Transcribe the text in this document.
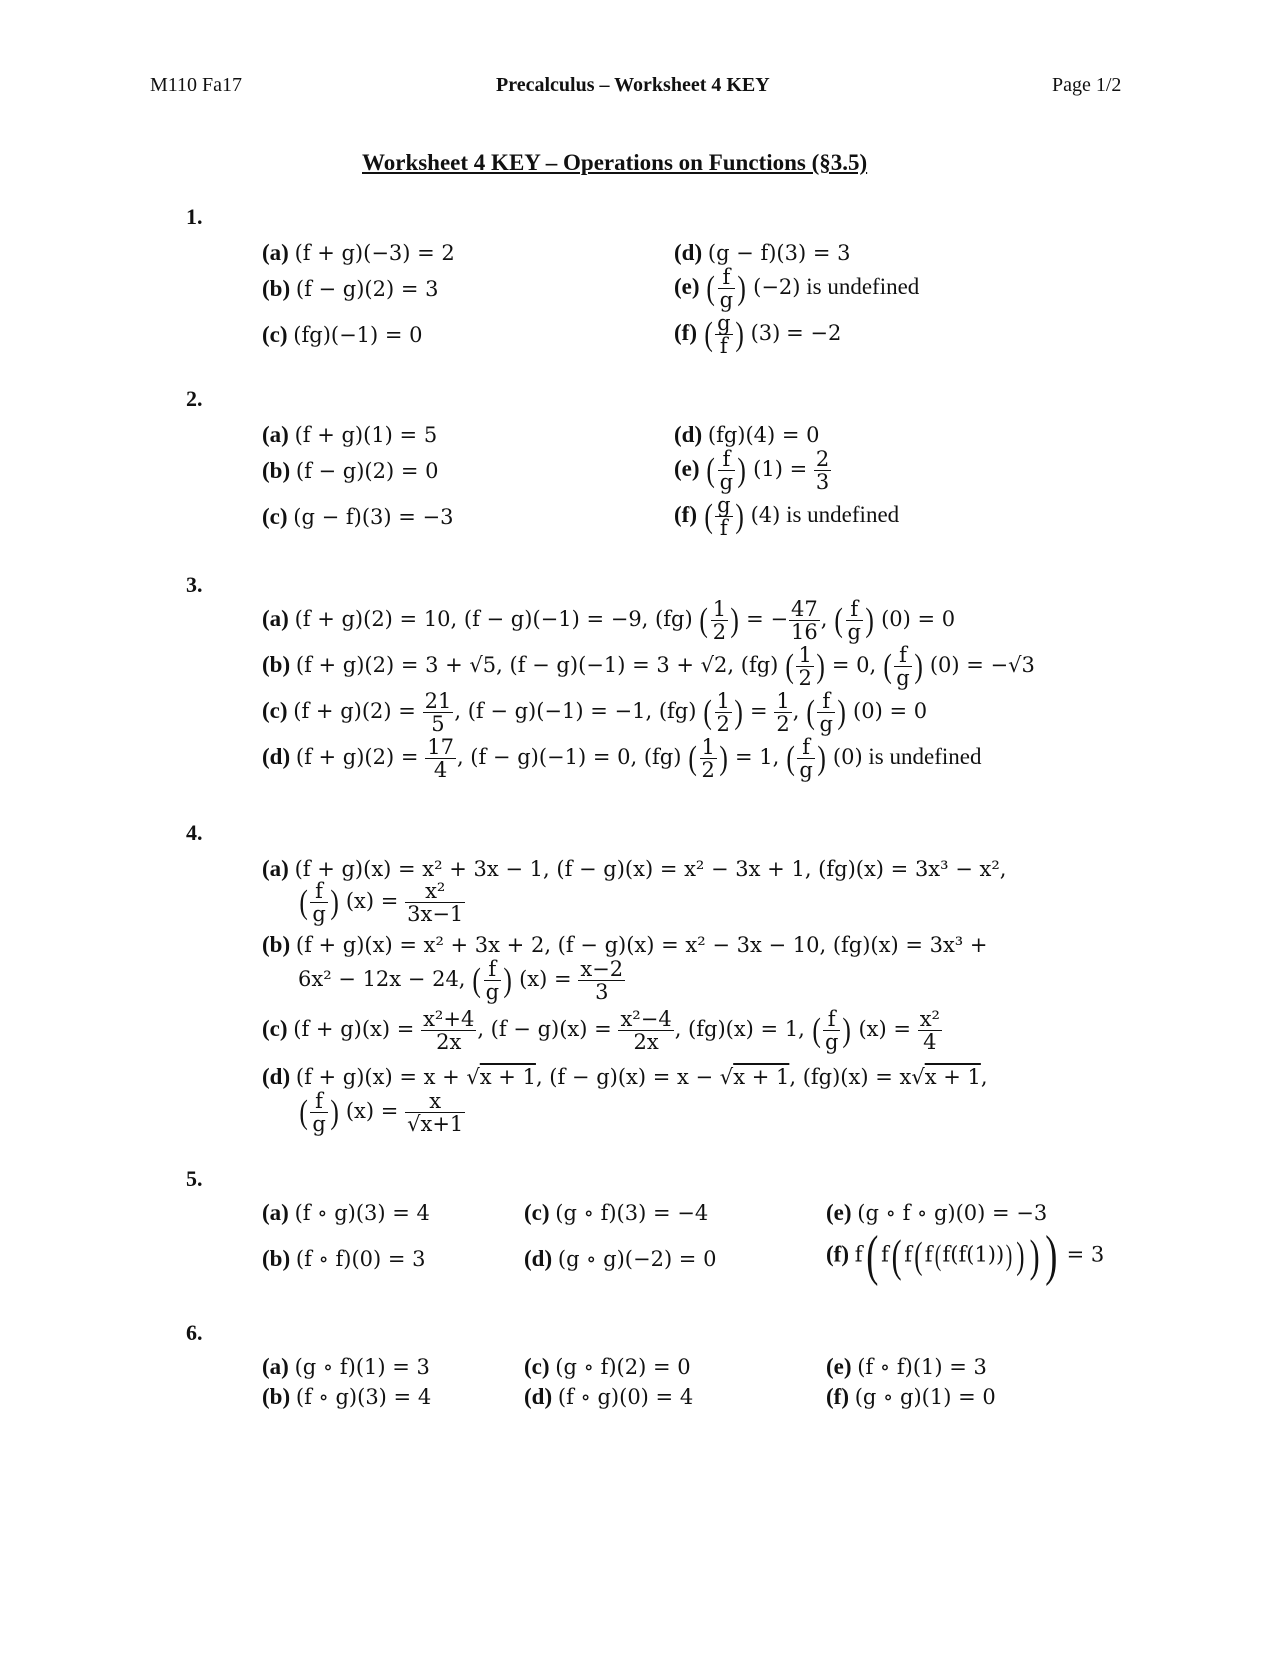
M110 Fa17	Precalculus – Worksheet 4 KEY	Page 1/2
Worksheet 4 KEY – Operations on Functions (§3.5)
1.
(a) (f + g)(−3) = 2
(b) (f − g)(2) = 3
(c) (fg)(−1) = 0
(d) (g − f)(3) = 3
(e) ( $\frac{f}{g}$ ) (−2) is undefined
(f) ( $\frac{g}{f}$ ) (3) = −2
2.
(a) (f + g)(1) = 5
(b) (f − g)(2) = 0
(c) (g − f)(3) = −3
(d) (fg)(4) = 0
(e) ( $\frac{f}{g}$ ) $(1) = \frac{2}{3}$
(f) ( $\frac{g}{f}$ ) (4) is undefined
3.
(a) (f + g)(2) = 10, (f − g)(−1) = −9, (fg) ( $\frac{1}{2}$ ) = − $\frac{47}{16}$ , ( $\frac{f}{g}$ ) (0) = 0
(b) (f + g)(2) = 3 + √5, (f − g)(−1) = 3 + √2, (fg) ( $\frac{1}{2}$ ) = 0, ( $\frac{f}{g}$ ) (0) = −√3
(c) $(f + g)(2) = \frac{21}{5}$ , (f − g)(−1) = −1, (fg) ( $\frac{1}{2}$ ) = $\frac{1}{2}$ , ( $\frac{f}{g}$ ) (0) = 0
(d) $(f + g)(2) = \frac{17}{4}$ , (f − g)(−1) = 0, (fg) ( $\frac{1}{2}$ ) = 1, ( $\frac{f}{g}$ ) (0) is undefined
4.
(a) (f + g)(x) = x² + 3x − 1, (f − g)(x) = x² − 3x + 1, (fg)(x) = 3x³ − x²,
( $\frac{f}{g}$ ) $(x) = \frac{\text{x²}}{3x-1}$
(b) (f + g)(x) = x² + 3x + 2, (f − g)(x) = x² − 3x − 10, (fg)(x) = 3x³ +
6x² − 12x − 24, ( $\frac{f}{g}$ ) $(x) = \frac{x-2}{3}$
(c) $(f + g)(x) = \frac{\text{x²+4}}{2x}$ , $(f - g)(x) = \frac{\text{x²−4}}{2x}$ , (fg)(x) = 1, ( $\frac{f}{g}$ ) $(x) = \frac{\text{x²}}{4}$
(d) (f + g)(x) = x + √x + 1, (f − g)(x) = x − √x + 1, (fg)(x) = x√x + 1,
( $\frac{f}{g}$ ) $(x) = \frac{x}{√x+1}$
5.
(a) (f ∘ g)(3) = 4
(b) (f ∘ f)(0) = 3
(c) (g ∘ f)(3) = −4
(d) (g ∘ g)(−2) = 0
(e) (g ∘ f ∘ g)(0) = −3
(f) f( f( f( f(f(f(1))) ) ) ) = 3
6.
(a) (g ∘ f)(1) = 3
(b) (f ∘ g)(3) = 4
(c) (g ∘ f)(2) = 0
(d) (f ∘ g)(0) = 4
(e) (f ∘ f)(1) = 3
(f) (g ∘ g)(1) = 0
